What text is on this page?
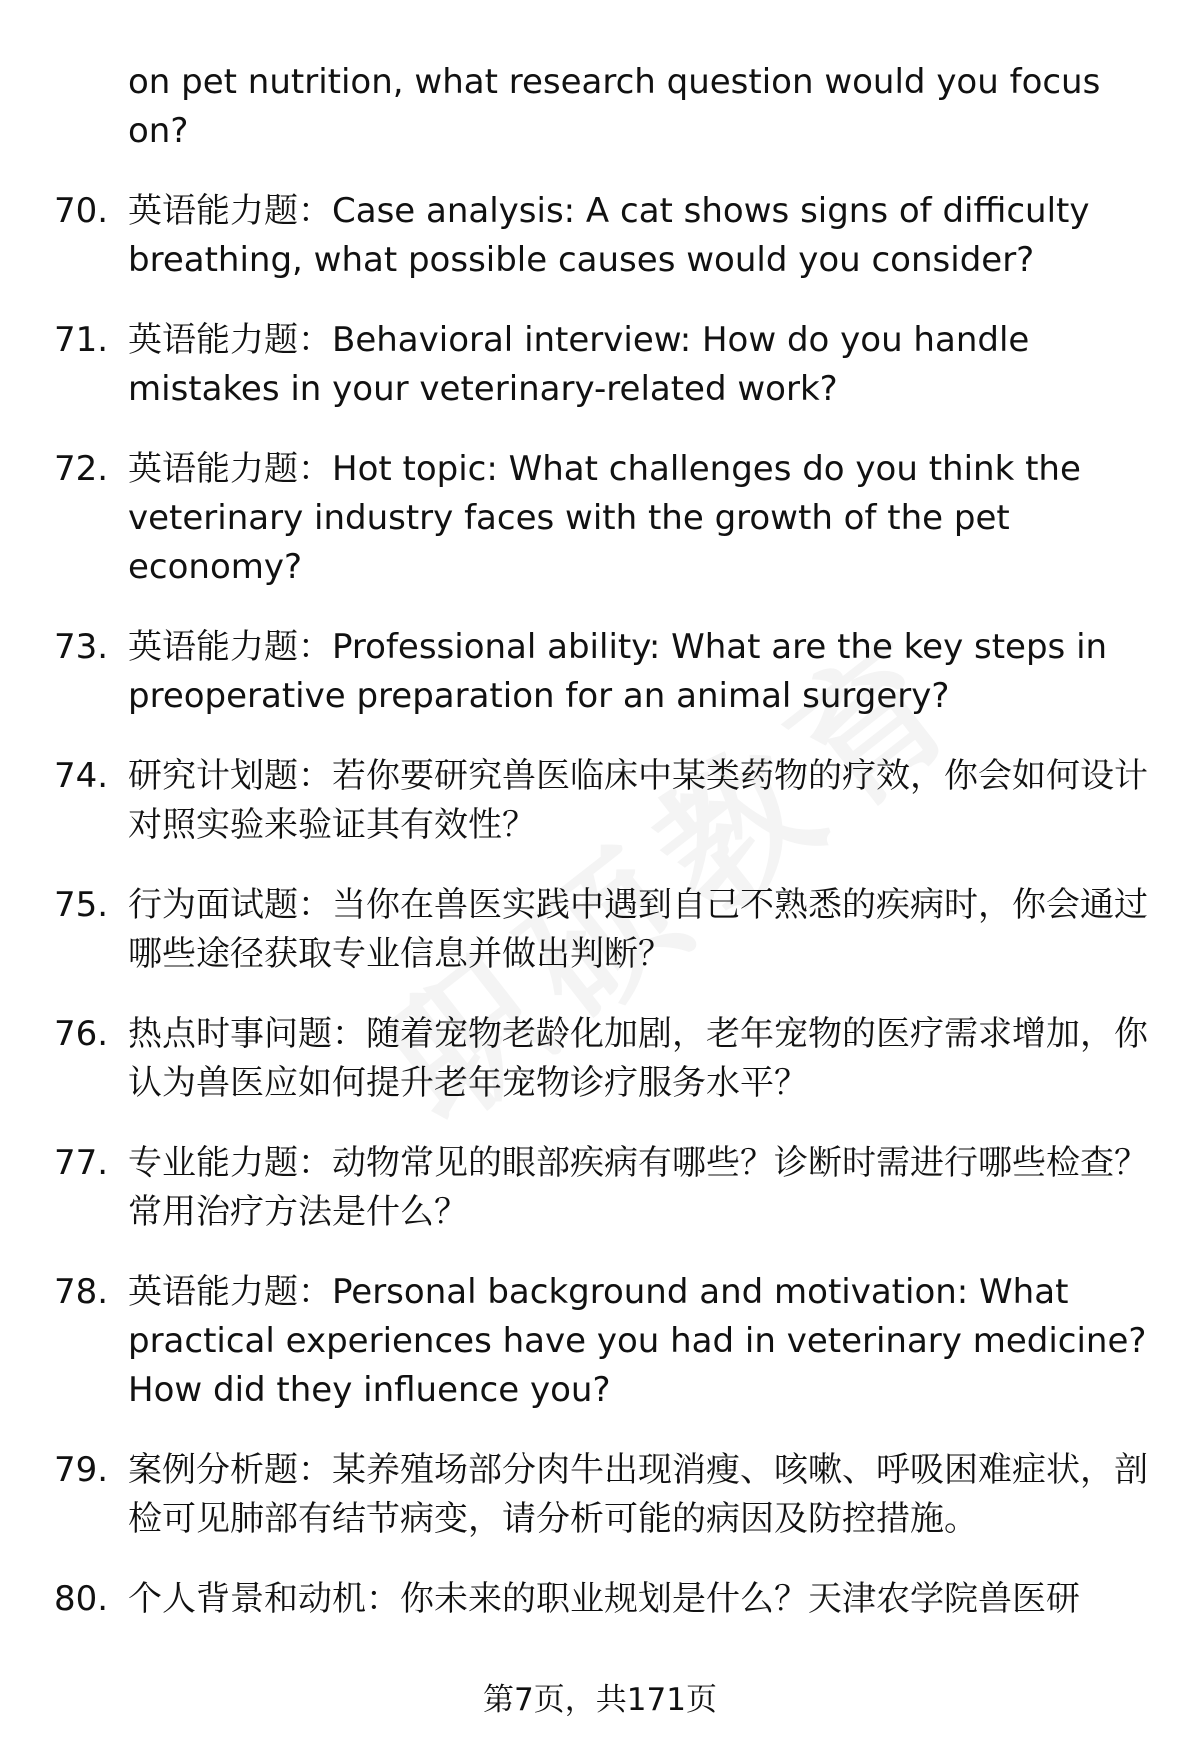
on pet nutrition, what research question would you focus on?
70. 英语能力题：Case analysis: A cat shows signs of difficulty breathing, what possible causes would you consider?
71. 英语能力题：Behavioral interview: How do you handle mistakes in your veterinary-related work?
72. 英语能力题：Hot topic: What challenges do you think the veterinary industry faces with the growth of the pet economy?
73. 英语能力题：Professional ability: What are the key steps in preoperative preparation for an animal surgery?
74. 研究计划题：若你要研究兽医临床中某类药物的疗效，你会如何设计对照实验来验证其有效性？
75. 行为面试题：当你在兽医实践中遇到自己不熟悉的疾病时，你会通过哪些途径获取专业信息并做出判断？
76. 热点时事问题：随着宠物老龄化加剧，老年宠物的医疗需求增加，你认为兽医应如何提升老年宠物诊疗服务水平？
77. 专业能力题：动物常见的眼部疾病有哪些？诊断时需进行哪些检查？常用治疗方法是什么？
78. 英语能力题：Personal background and motivation: What practical experiences have you had in veterinary medicine? How did they influence you?
79. 案例分析题：某养殖场部分肉牛出现消瘦、咳嗽、呼吸困难症状，剖检可见肺部有结节病变，请分析可能的病因及防控措施。
80. 个人背景和动机：你未来的职业规划是什么？天津农学院兽医研
第7页，共171页
